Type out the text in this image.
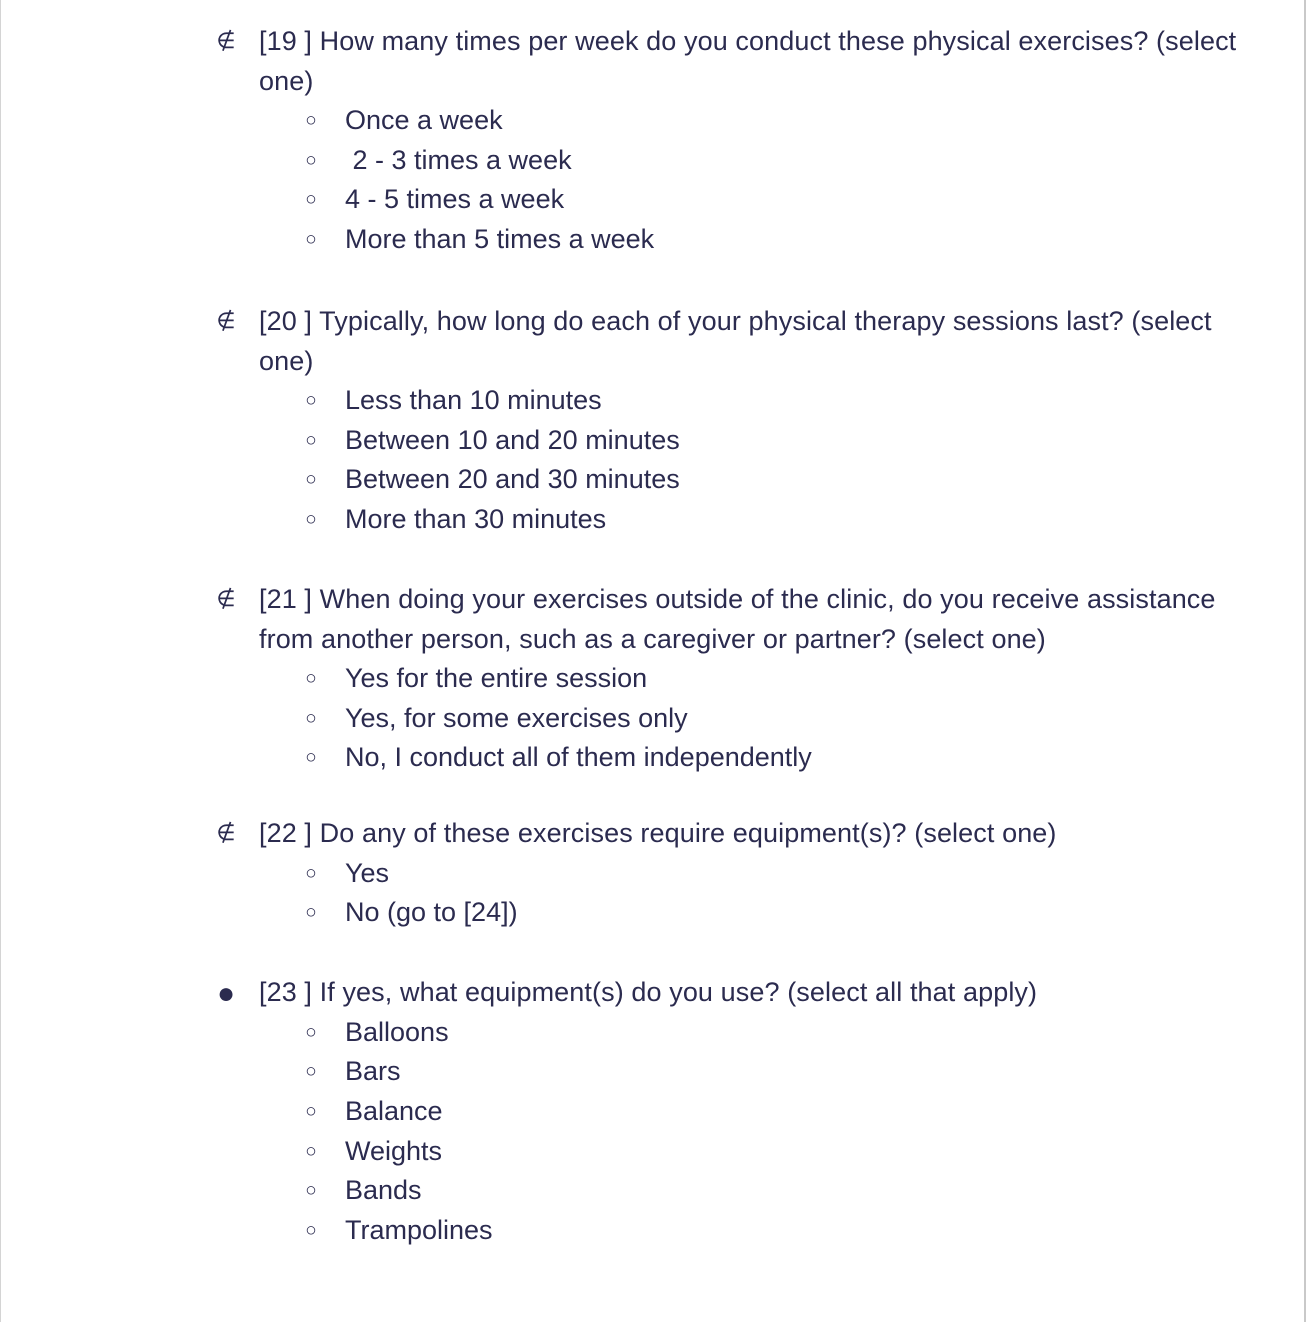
∉ [19 ] How many times per week do you conduct these physical exercises? (select one)
○ Once a week
○ 2 - 3 times a week
○ 4 - 5 times a week
○ More than 5 times a week
∉ [20 ] Typically, how long do each of your physical therapy sessions last? (select one)
○ Less than 10 minutes
○ Between 10 and 20 minutes
○ Between 20 and 30 minutes
○ More than 30 minutes
∉ [21 ] When doing your exercises outside of the clinic, do you receive assistance from another person, such as a caregiver or partner? (select one)
○ Yes for the entire session
○ Yes, for some exercises only
○ No, I conduct all of them independently
∉ [22 ] Do any of these exercises require equipment(s)? (select one)
○ Yes
○ No (go to [24])
● [23 ] If yes, what equipment(s) do you use? (select all that apply)
○ Balloons
○ Bars
○ Balance
○ Weights
○ Bands
○ Trampolines
